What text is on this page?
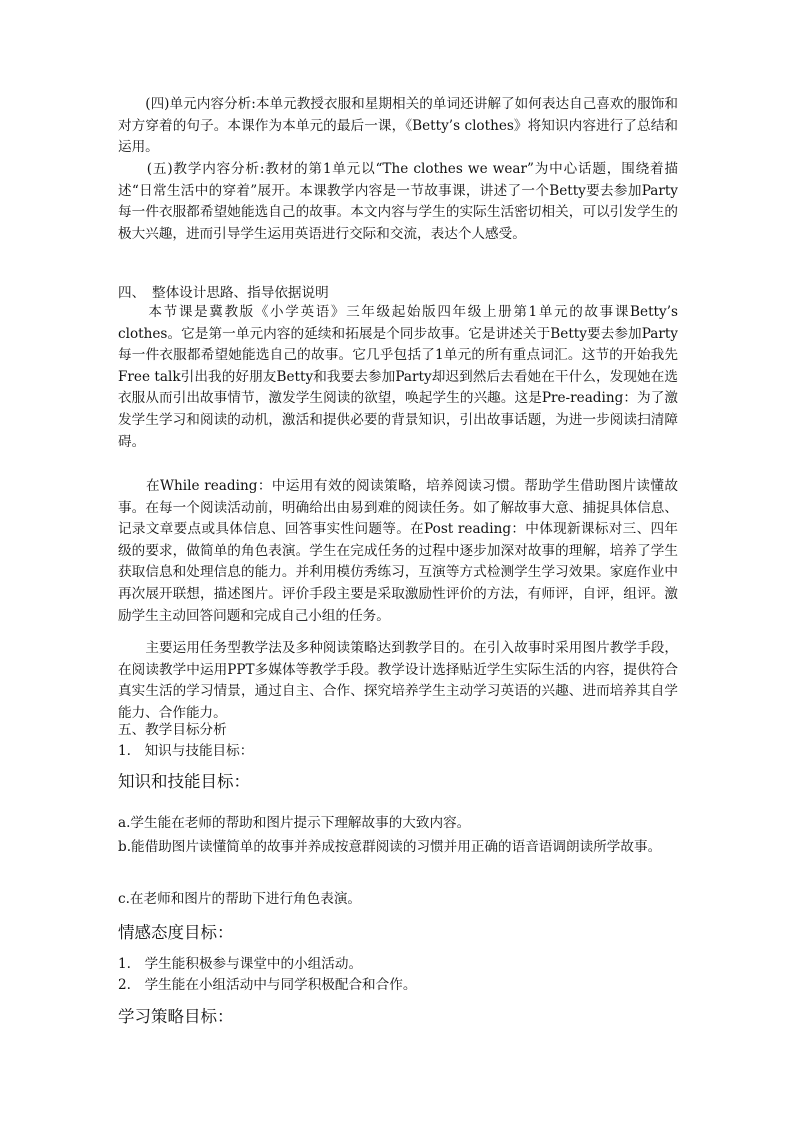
　　(四)单元内容分析:本单元教授衣服和星期相关的单词还讲解了如何表达自己喜欢的服饰和对方穿着的句子。本课作为本单元的最后一课，《Betty’s clothes》将知识内容进行了总结和运用。

　　(五)教学内容分析:教材的第1单元以“The clothes we wear”为中心话题，围绕着描述“日常生活中的穿着”展开。本课教学内容是一节故事课，讲述了一个Betty要去参加Party每一件衣服都希望她能选自己的故事。本文内容与学生的实际生活密切相关，可以引发学生的极大兴趣，进而引导学生运用英语进行交际和交流，表达个人感受。

四、　整体设计思路、指导依据说明

　　本节课是冀教版《小学英语》三年级起始版四年级上册第1单元的故事课Betty’s clothes。它是第一单元内容的延续和拓展是个同步故事。它是讲述关于Betty要去参加Party每一件衣服都希望她能选自己的故事。它几乎包括了1单元的所有重点词汇。这节的开始我先Free talk引出我的好朋友Betty和我要去参加Party却迟到然后去看她在干什么，发现她在选衣服从而引出故事情节，激发学生阅读的欲望，唤起学生的兴趣。这是Pre-reading：为了激发学生学习和阅读的动机，激活和提供必要的背景知识，引出故事话题，为进一步阅读扫清障碍。

　　在While reading：中运用有效的阅读策略，培养阅读习惯。帮助学生借助图片读懂故事。在每一个阅读活动前，明确给出由易到难的阅读任务。如了解故事大意、捕捉具体信息、记录文章要点或具体信息、回答事实性问题等。在Post reading：中体现新课标对三、四年级的要求，做简单的角色表演。学生在完成任务的过程中逐步加深对故事的理解，培养了学生获取信息和处理信息的能力。并利用模仿秀练习，互演等方式检测学生学习效果。家庭作业中再次展开联想，描述图片。评价手段主要是采取激励性评价的方法，有师评，自评，组评。激励学生主动回答问题和完成自己小组的任务。

　　主要运用任务型教学法及多种阅读策略达到教学目的。在引入故事时采用图片教学手段，在阅读教学中运用PPT多媒体等教学手段。教学设计选择贴近学生实际生活的内容，提供符合真实生活的学习情景，通过自主、合作、探究培养学生主动学习英语的兴趣、进而培养其自学能力、合作能力。

五、教学目标分析

1.　知识与技能目标：

知识和技能目标：

a.学生能在老师的帮助和图片提示下理解故事的大致内容。

b.能借助图片读懂简单的故事并养成按意群阅读的习惯并用正确的语音语调朗读所学故事。

c.在老师和图片的帮助下进行角色表演。

情感态度目标：

1.　学生能积极参与课堂中的小组活动。

2.　学生能在小组活动中与同学积极配合和合作。

学习策略目标：
